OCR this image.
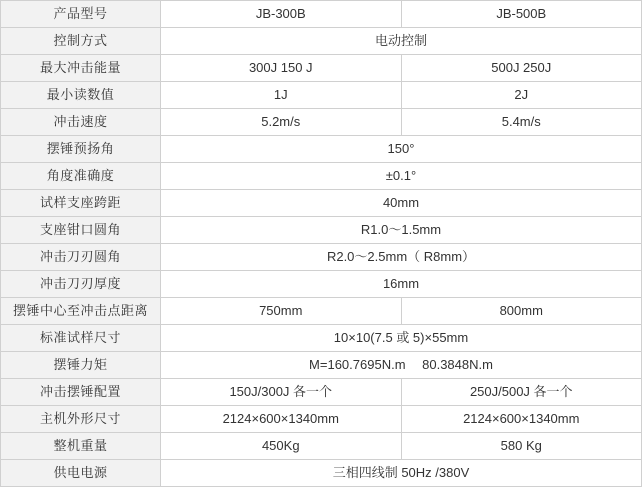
产品型号	JB-300B	JB-500B
控制方式	电动控制	
最大冲击能量	300J 150 J	500J 250J
最小读数值	1J	2J
冲击速度	5.2m/s	5.4m/s
摆锤预扬角	150°	
角度准确度	±0.1°	
试样支座跨距	40mm	
支座钳口圆角	R1.0～1.5mm	
冲击刀刃圆角	R2.0～2.5mm（ R8mm）	
冲击刀刃厚度	16mm	
摆锤中心至冲击点距离	750mm	800mm
标准试样尺寸	10×10(7.5 或 5)×55mm	
摆锤力矩	M=160.7695N.m 　80.3848N.m	
冲击摆锤配置	150J/300J 各一个	250J/500J 各一个
主机外形尺寸	2124×600×1340mm	2124×600×1340mm
整机重量	450Kg	580 Kg
供电电源	三相四线制 50Hz /380V	
